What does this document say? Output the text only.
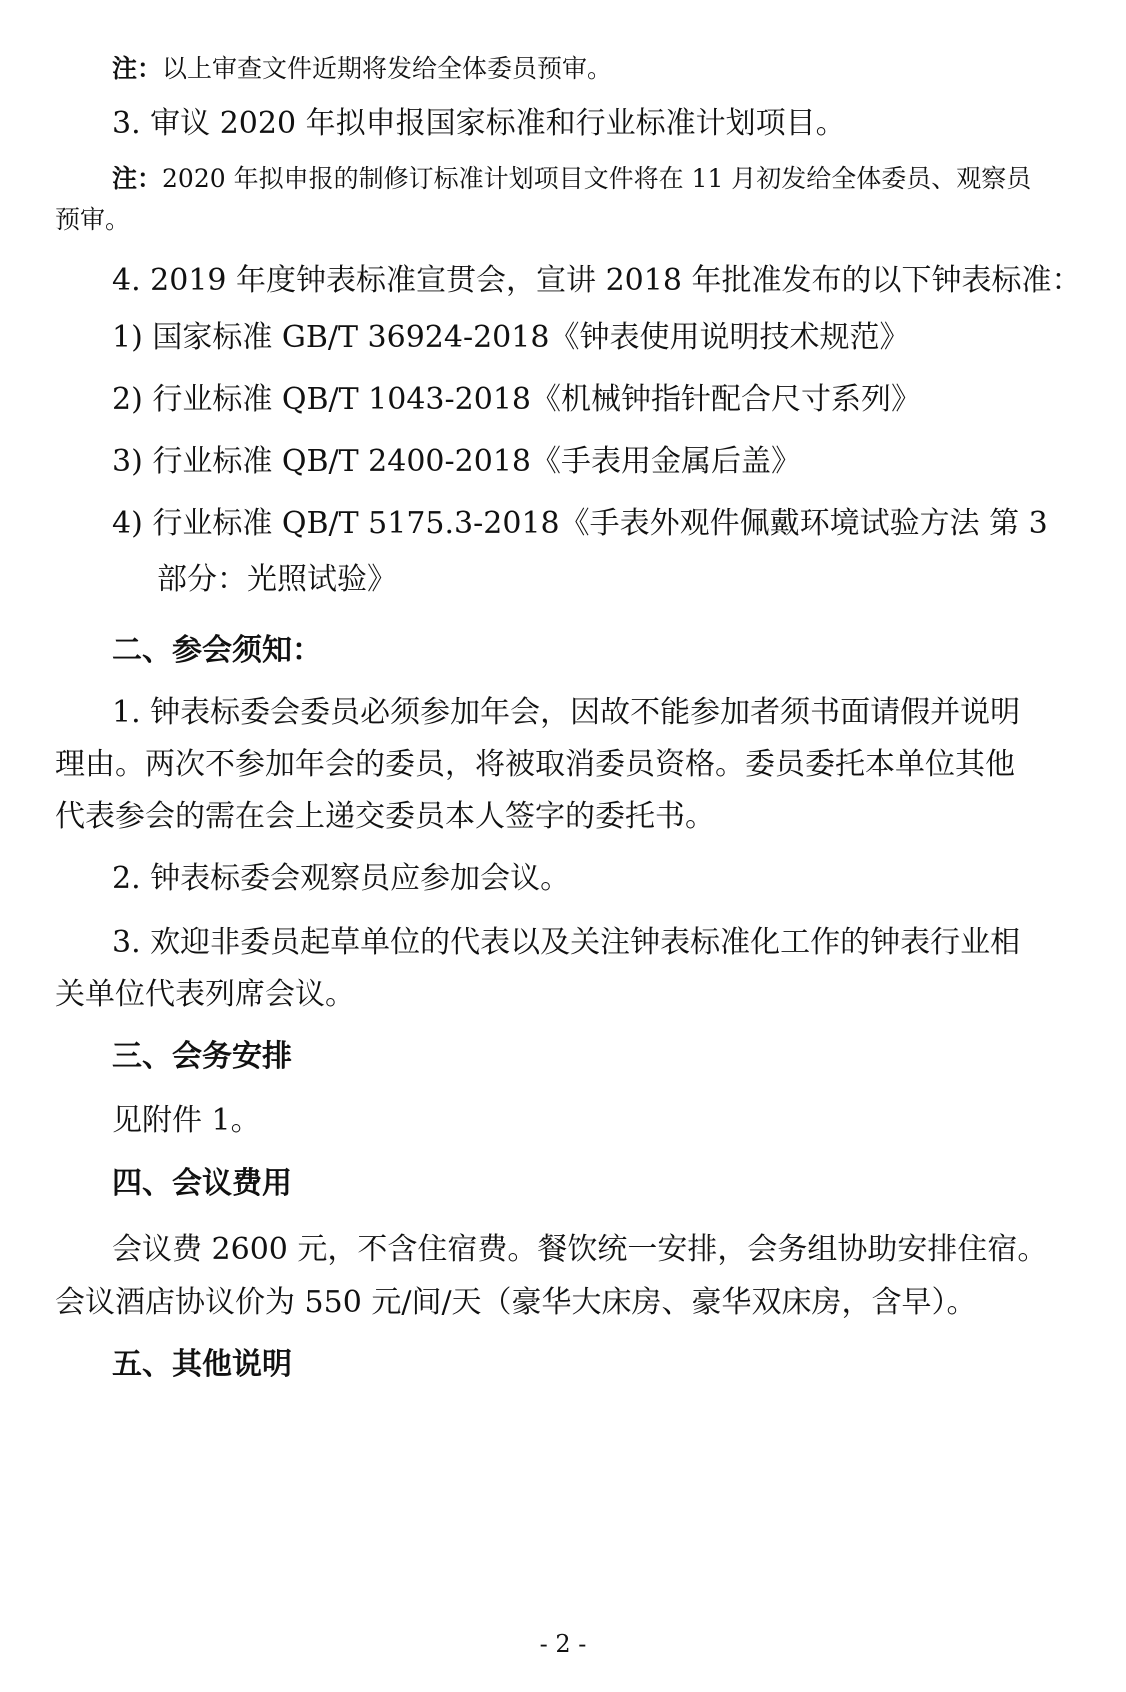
注：以上审查文件近期将发给全体委员预审。
3. 审议 2020 年拟申报国家标准和行业标准计划项目。
注：2020 年拟申报的制修订标准计划项目文件将在 11 月初发给全体委员、观察员
预审。
4. 2019 年度钟表标准宣贯会，宣讲 2018 年批准发布的以下钟表标准：
1) 国家标准 GB/T 36924-2018《钟表使用说明技术规范》
2) 行业标准 QB/T 1043-2018《机械钟指针配合尺寸系列》
3) 行业标准 QB/T 2400-2018《手表用金属后盖》
4) 行业标准 QB/T 5175.3-2018《手表外观件佩戴环境试验方法 第 3
部分：光照试验》
二、参会须知：
1. 钟表标委会委员必须参加年会，因故不能参加者须书面请假并说明
理由。两次不参加年会的委员，将被取消委员资格。委员委托本单位其他
代表参会的需在会上递交委员本人签字的委托书。
2. 钟表标委会观察员应参加会议。
3. 欢迎非委员起草单位的代表以及关注钟表标准化工作的钟表行业相
关单位代表列席会议。
三、会务安排
见附件 1。
四、会议费用
会议费 2600 元，不含住宿费。餐饮统一安排，会务组协助安排住宿。
会议酒店协议价为 550 元/间/天（豪华大床房、豪华双床房，含早）。
五、其他说明
- 2 -
